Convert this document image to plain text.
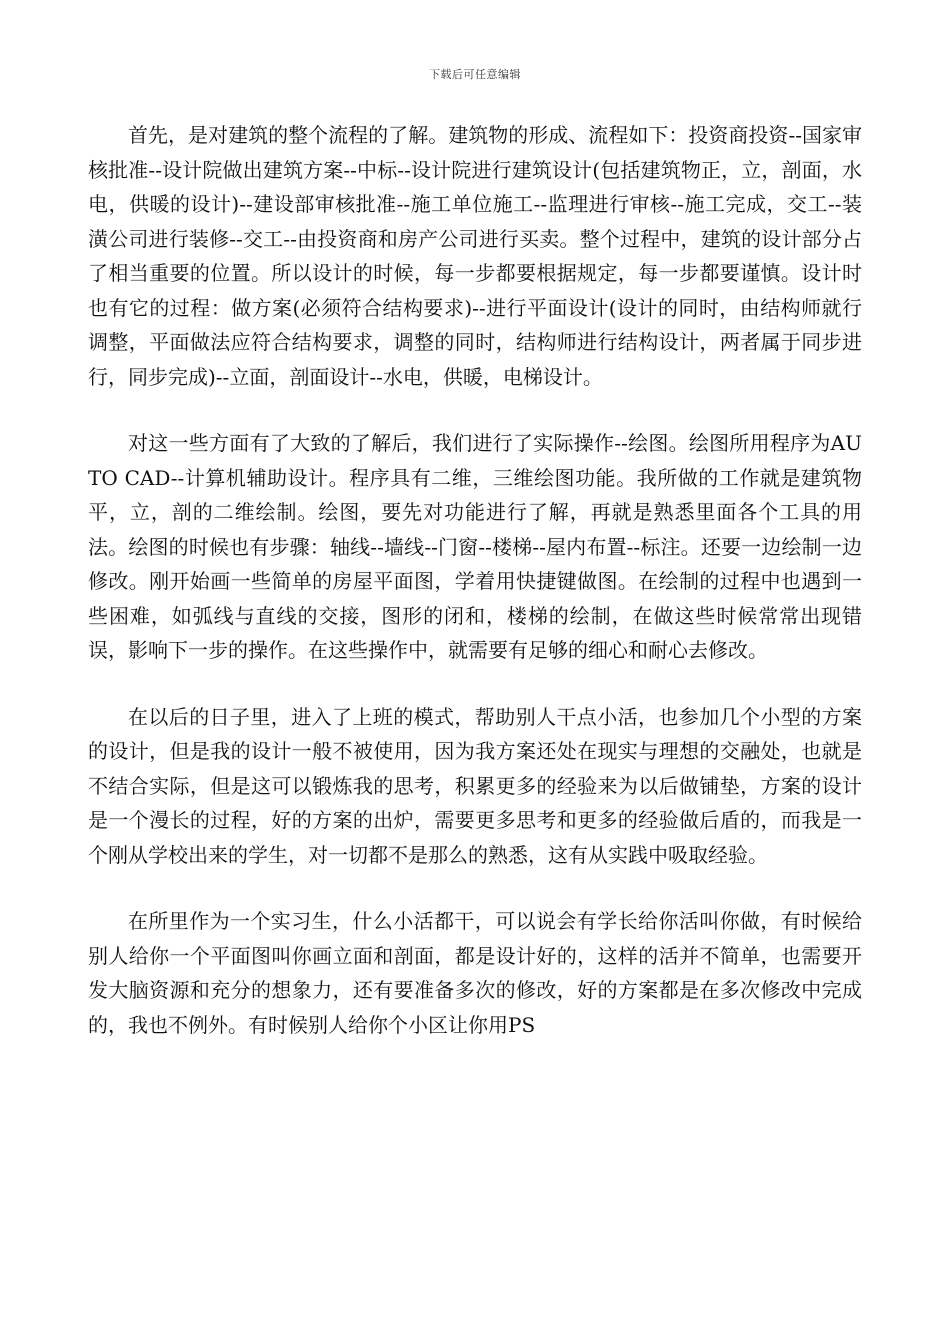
下载后可任意编辑

首先，是对建筑的整个流程的了解。建筑物的形成、流程如下：投资商投资--国家审核批准--设计院做出建筑方案--中标--设计院进行建筑设计(包括建筑物正，立，剖面，水电，供暖的设计)--建设部审核批准--施工单位施工--监理进行审核--施工完成，交工--装潢公司进行装修--交工--由投资商和房产公司进行买卖。整个过程中，建筑的设计部分占了相当重要的位置。所以设计的时候，每一步都要根据规定，每一步都要谨慎。设计时也有它的过程：做方案(必须符合结构要求)--进行平面设计(设计的同时，由结构师就行调整，平面做法应符合结构要求，调整的同时，结构师进行结构设计，两者属于同步进行，同步完成)--立面，剖面设计--水电，供暖，电梯设计。

对这一些方面有了大致的了解后，我们进行了实际操作--绘图。绘图所用程序为AUTO CAD--计算机辅助设计。程序具有二维，三维绘图功能。我所做的工作就是建筑物平，立，剖的二维绘制。绘图，要先对功能进行了解，再就是熟悉里面各个工具的用法。绘图的时候也有步骤：轴线--墙线--门窗--楼梯--屋内布置--标注。还要一边绘制一边修改。刚开始画一些简单的房屋平面图，学着用快捷键做图。在绘制的过程中也遇到一些困难，如弧线与直线的交接，图形的闭和，楼梯的绘制，在做这些时候常常出现错误，影响下一步的操作。在这些操作中，就需要有足够的细心和耐心去修改。

在以后的日子里，进入了上班的模式，帮助别人干点小活，也参加几个小型的方案的设计，但是我的设计一般不被使用，因为我方案还处在现实与理想的交融处，也就是不结合实际，但是这可以锻炼我的思考，积累更多的经验来为以后做铺垫，方案的设计是一个漫长的过程，好的方案的出炉，需要更多思考和更多的经验做后盾的，而我是一个刚从学校出来的学生，对一切都不是那么的熟悉，这有从实践中吸取经验。

在所里作为一个实习生，什么小活都干，可以说会有学长给你活叫你做，有时候给别人给你一个平面图叫你画立面和剖面，都是设计好的，这样的活并不简单，也需要开发大脑资源和充分的想象力，还有要准备多次的修改，好的方案都是在多次修改中完成的，我也不例外。有时候别人给你个小区让你用PS
